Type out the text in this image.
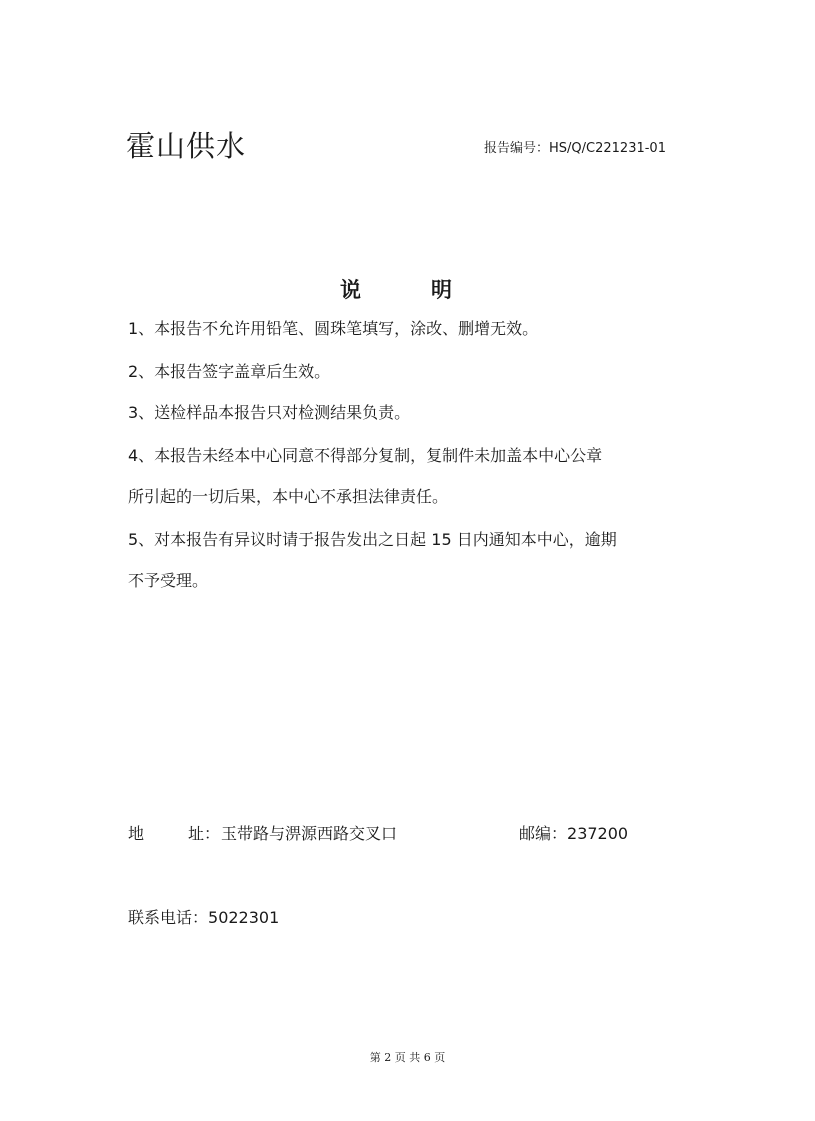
霍山供水	报告编号：HS/Q/C221231-01
说	明
1、本报告不允许用铅笔、圆珠笔填写，涂改、删增无效。
2、本报告签字盖章后生效。
3、送检样品本报告只对检测结果负责。
4、本报告未经本中心同意不得部分复制，复制件未加盖本中心公章
所引起的一切后果，本中心不承担法律责任。
5、对本报告有异议时请于报告发出之日起 15 日内通知本中心，逾期
不予受理。
地	址： 玉带路与淠源西路交叉口	邮编：237200
联系电话：5022301
第 2 页 共 6 页
